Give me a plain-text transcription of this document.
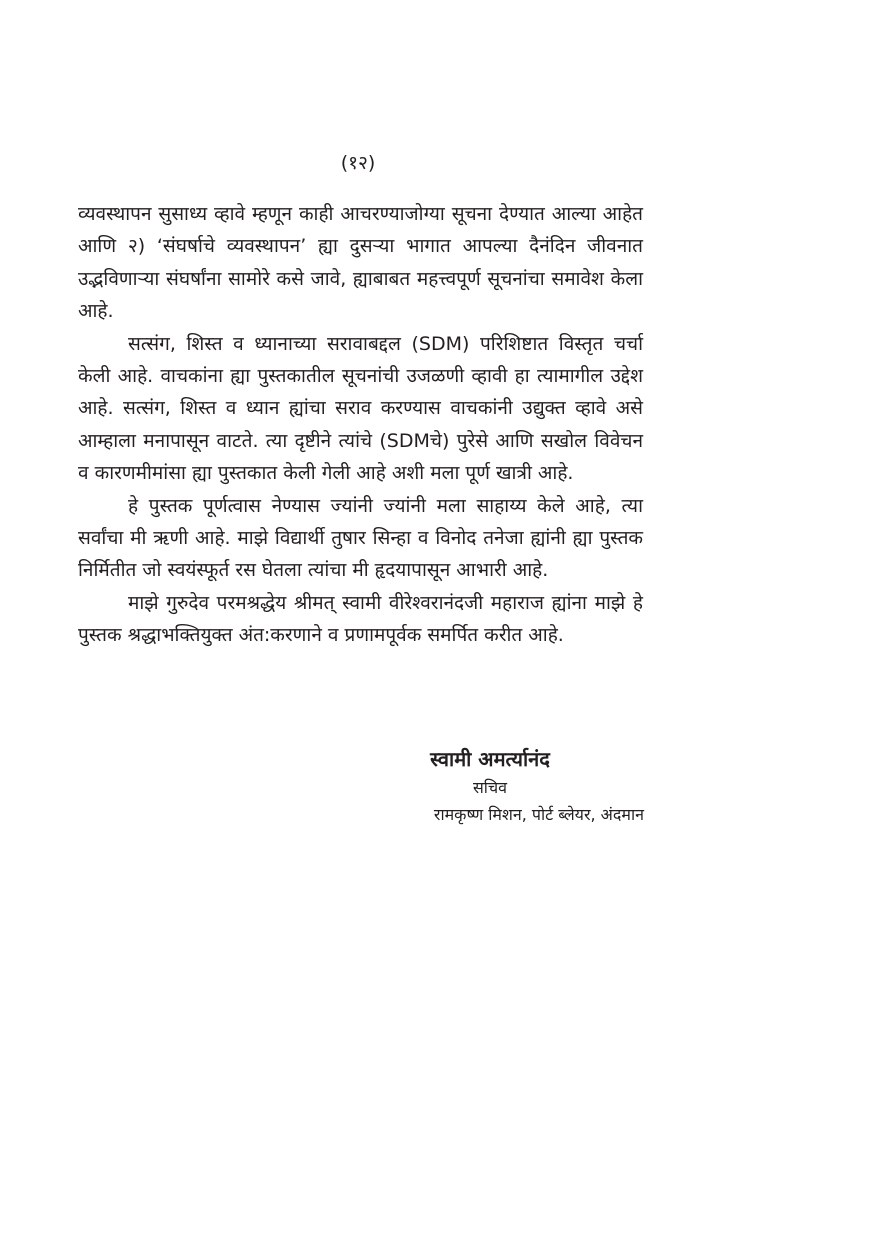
(१२)

व्यवस्थापन सुसाध्य व्हावे म्हणून काही आचरण्याजोग्या सूचना देण्यात आल्या आहेत आणि २) ‘संघर्षाचे व्यवस्थापन’ ह्या दुसऱ्या भागात आपल्या दैनंदिन जीवनात उद्भविणाऱ्या संघर्षांना सामोरे कसे जावे, ह्याबाबत महत्त्वपूर्ण सूचनांचा समावेश केला आहे.

सत्संग, शिस्त व ध्यानाच्या सरावाबद्दल (SDM) परिशिष्टात विस्तृत चर्चा केली आहे. वाचकांना ह्या पुस्तकातील सूचनांची उजळणी व्हावी हा त्यामागील उद्देश आहे. सत्संग, शिस्त व ध्यान ह्यांचा सराव करण्यास वाचकांनी उद्युक्त व्हावे असे आम्हाला मनापासून वाटते. त्या दृष्टीने त्यांचे (SDMचे) पुरेसे आणि सखोल विवेचन व कारणमीमांसा ह्या पुस्तकात केली गेली आहे अशी मला पूर्ण खात्री आहे.

हे पुस्तक पूर्णत्वास नेण्यास ज्यांनी ज्यांनी मला साहाय्य केले आहे, त्या सर्वांचा मी ऋणी आहे. माझे विद्यार्थी तुषार सिन्हा व विनोद तनेजा ह्यांनी ह्या पुस्तक निर्मितीत जो स्वयंस्फूर्त रस घेतला त्यांचा मी हृदयापासून आभारी आहे.

माझे गुरुदेव परमश्रद्धेय श्रीमत् स्वामी वीरेश्वरानंदजी महाराज ह्यांना माझे हे पुस्तक श्रद्धाभक्तियुक्त अंत:करणाने व प्रणामपूर्वक समर्पित करीत आहे.

स्वामी अमर्त्यानंद
सचिव
रामकृष्ण मिशन, पोर्ट ब्लेयर, अंदमान
